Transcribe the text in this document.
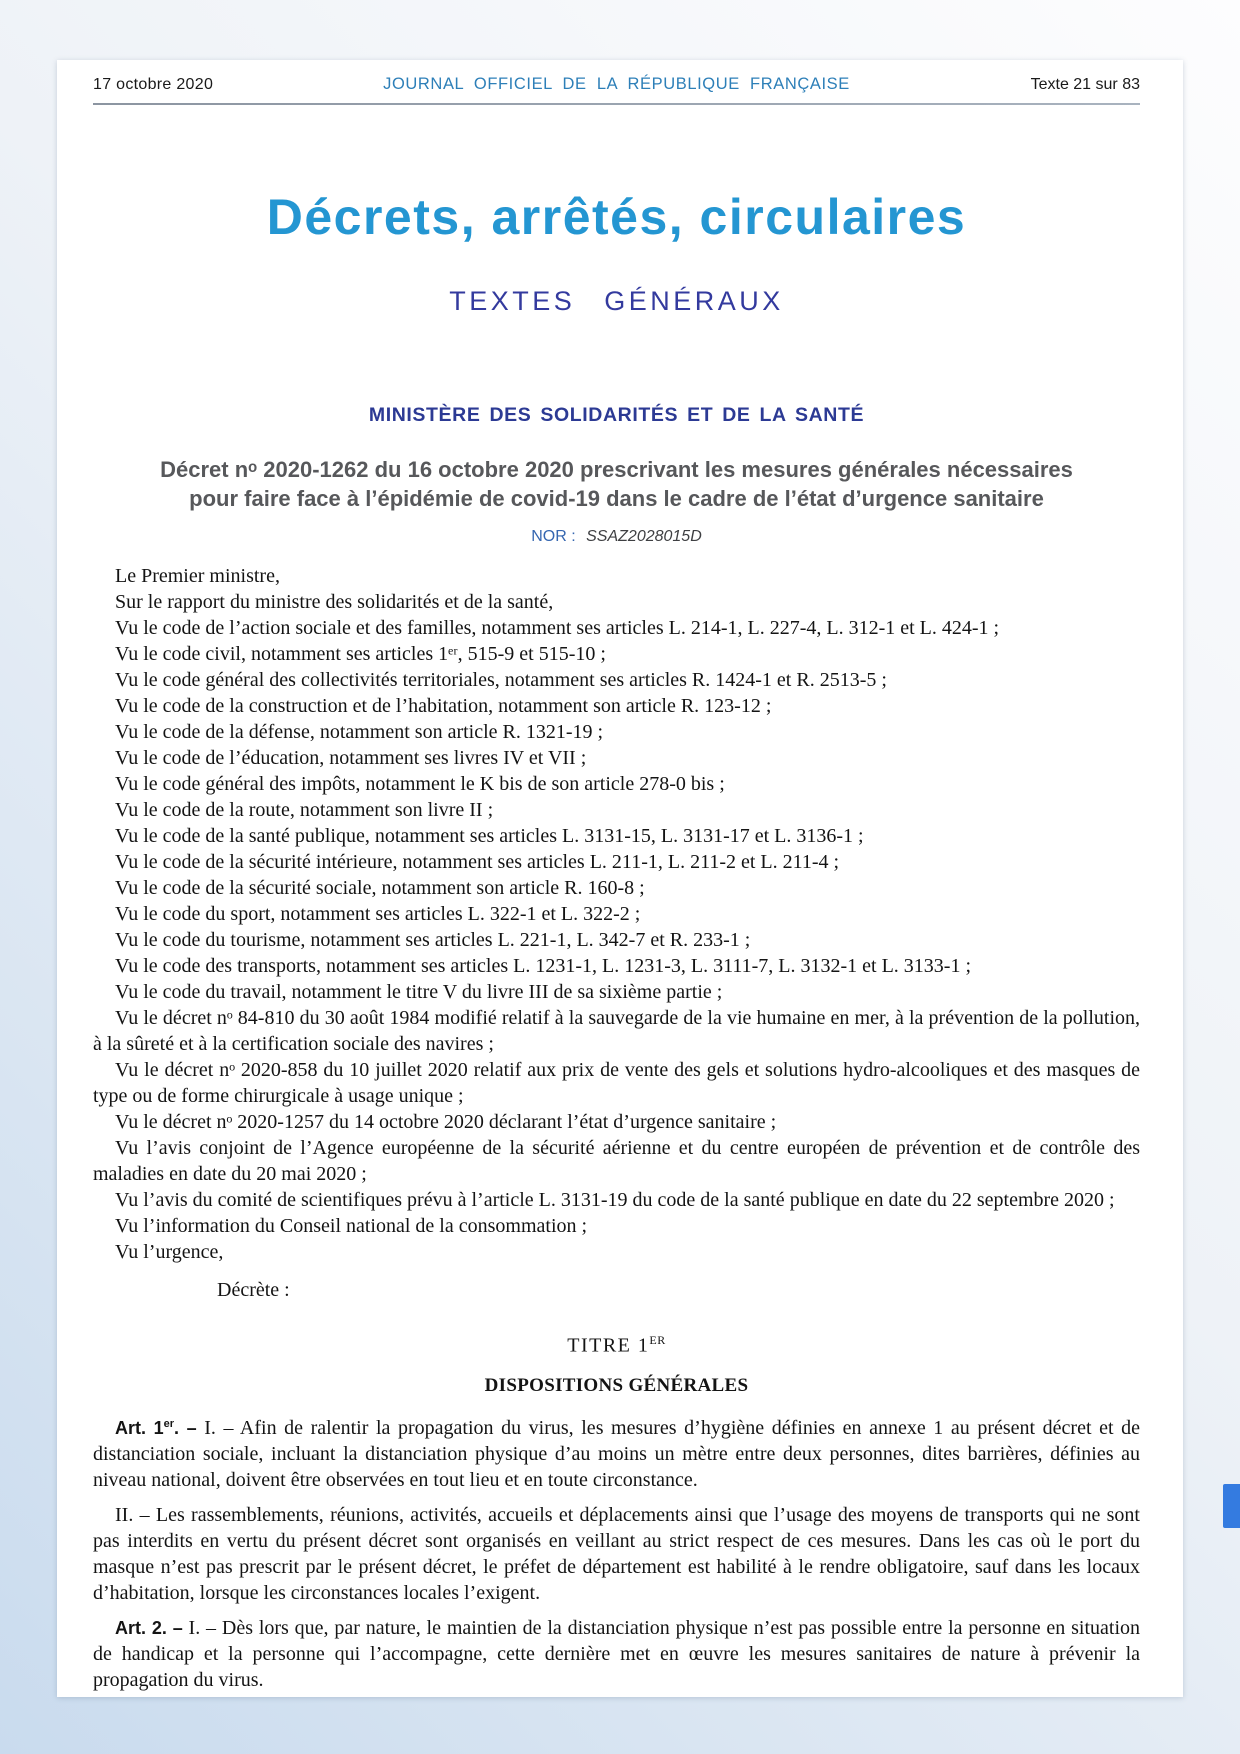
17 octobre 2020	JOURNAL OFFICIEL DE LA RÉPUBLIQUE FRANÇAISE	Texte 21 sur 83
Décrets, arrêtés, circulaires
TEXTES GÉNÉRAUX
MINISTÈRE DES SOLIDARITÉS ET DE LA SANTÉ

Décret nᵒ 2020-1262 du 16 octobre 2020 prescrivant les mesures générales nécessaires pour faire face à l’épidémie de covid-19 dans le cadre de l’état d’urgence sanitaire

NOR : SSAZ2028015D

Le Premier ministre,

Sur le rapport du ministre des solidarités et de la santé,

Vu le code de l’action sociale et des familles, notamment ses articles L. 214-1, L. 227-4, L. 312-1 et L. 424-1 ;

Vu le code civil, notamment ses articles 1ᵉʳ, 515-9 et 515-10 ;

Vu le code général des collectivités territoriales, notamment ses articles R. 1424-1 et R. 2513-5 ;

Vu le code de la construction et de l’habitation, notamment son article R. 123-12 ;

Vu le code de la défense, notamment son article R. 1321-19 ;

Vu le code de l’éducation, notamment ses livres IV et VII ;

Vu le code général des impôts, notamment le K bis de son article 278-0 bis ;

Vu le code de la route, notamment son livre II ;

Vu le code de la santé publique, notamment ses articles L. 3131-15, L. 3131-17 et L. 3136-1 ;

Vu le code de la sécurité intérieure, notamment ses articles L. 211-1, L. 211-2 et L. 211-4 ;

Vu le code de la sécurité sociale, notamment son article R. 160-8 ;

Vu le code du sport, notamment ses articles L. 322-1 et L. 322-2 ;

Vu le code du tourisme, notamment ses articles L. 221-1, L. 342-7 et R. 233-1 ;

Vu le code des transports, notamment ses articles L. 1231-1, L. 1231-3, L. 3111-7, L. 3132-1 et L. 3133-1 ;

Vu le code du travail, notamment le titre V du livre III de sa sixième partie ;

Vu le décret nᵒ 84-810 du 30 août 1984 modifié relatif à la sauvegarde de la vie humaine en mer, à la prévention de la pollution, à la sûreté et à la certification sociale des navires ;

Vu le décret nᵒ 2020-858 du 10 juillet 2020 relatif aux prix de vente des gels et solutions hydro-alcooliques et des masques de type ou de forme chirurgicale à usage unique ;

Vu le décret nᵒ 2020-1257 du 14 octobre 2020 déclarant l’état d’urgence sanitaire ;

Vu l’avis conjoint de l’Agence européenne de la sécurité aérienne et du centre européen de prévention et de contrôle des maladies en date du 20 mai 2020 ;

Vu l’avis du comité de scientifiques prévu à l’article L. 3131-19 du code de la santé publique en date du 22 septembre 2020 ;

Vu l’information du Conseil national de la consommation ;

Vu l’urgence,

Décrète :

TITRE 1ER

DISPOSITIONS GÉNÉRALES

Art. 1er. – I. – Afin de ralentir la propagation du virus, les mesures d’hygiène définies en annexe 1 au présent décret et de distanciation sociale, incluant la distanciation physique d’au moins un mètre entre deux personnes, dites barrières, définies au niveau national, doivent être observées en tout lieu et en toute circonstance.

II. – Les rassemblements, réunions, activités, accueils et déplacements ainsi que l’usage des moyens de transports qui ne sont pas interdits en vertu du présent décret sont organisés en veillant au strict respect de ces mesures. Dans les cas où le port du masque n’est pas prescrit par le présent décret, le préfet de département est habilité à le rendre obligatoire, sauf dans les locaux d’habitation, lorsque les circonstances locales l’exigent.

Art. 2. – I. – Dès lors que, par nature, le maintien de la distanciation physique n’est pas possible entre la personne en situation de handicap et la personne qui l’accompagne, cette dernière met en œuvre les mesures sanitaires de nature à prévenir la propagation du virus.
